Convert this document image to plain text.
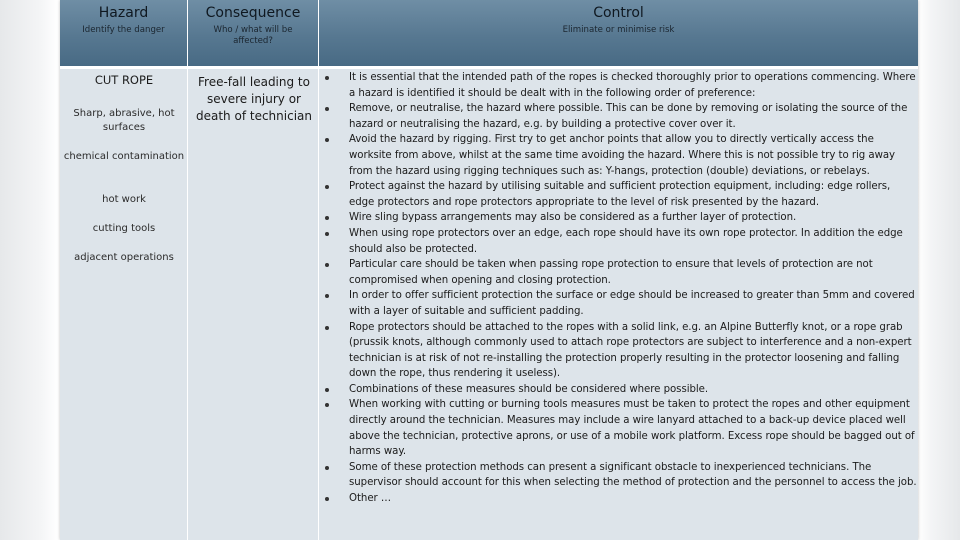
Hazard
Identify the danger
Consequence
Who / what will be affected?
Control
Eliminate or minimise risk
CUT ROPE
Sharp, abrasive, hot surfaces
chemical contamination
hot work
cutting tools
adjacent operations
Free-fall leading to severe injury or death of technician
It is essential that the intended path of the ropes is checked thoroughly prior to operations commencing. Where a hazard is identified it should be dealt with in the following order of preference:
Remove, or neutralise, the hazard where possible. This can be done by removing or isolating the source of the hazard or neutralising the hazard, e.g. by building a protective cover over it.
Avoid the hazard by rigging. First try to get anchor points that allow you to directly vertically access the worksite from above, whilst at the same time avoiding the hazard. Where this is not possible try to rig away from the hazard using rigging techniques such as: Y-hangs, protection (double) deviations, or rebelays.
Protect against the hazard by utilising suitable and sufficient protection equipment, including: edge rollers, edge protectors and rope protectors appropriate to the level of risk presented by the hazard.
Wire sling bypass arrangements may also be considered as a further layer of protection.
When using rope protectors over an edge, each rope should have its own rope protector. In addition the edge should also be protected.
Particular care should be taken when passing rope protection to ensure that levels of protection are not compromised when opening and closing protection.
In order to offer sufficient protection the surface or edge should be increased to greater than 5mm and covered with a layer of suitable and sufficient padding.
Rope protectors should be attached to the ropes with a solid link, e.g. an Alpine Butterfly knot, or a rope grab (prussik knots, although commonly used to attach rope protectors are subject to interference and a non-expert technician is at risk of not re-installing the protection properly resulting in the protector loosening and falling down the rope, thus rendering it useless).
Combinations of these measures should be considered where possible.
When working with cutting or burning tools measures must be taken to protect the ropes and other equipment directly around the technician. Measures may include a wire lanyard attached to a back-up device placed well above the technician, protective aprons, or use of a mobile work platform. Excess rope should be bagged out of harms way.
Some of these protection methods can present a significant obstacle to inexperienced technicians. The supervisor should account for this when selecting the method of protection and the personnel to access the job.
Other …
